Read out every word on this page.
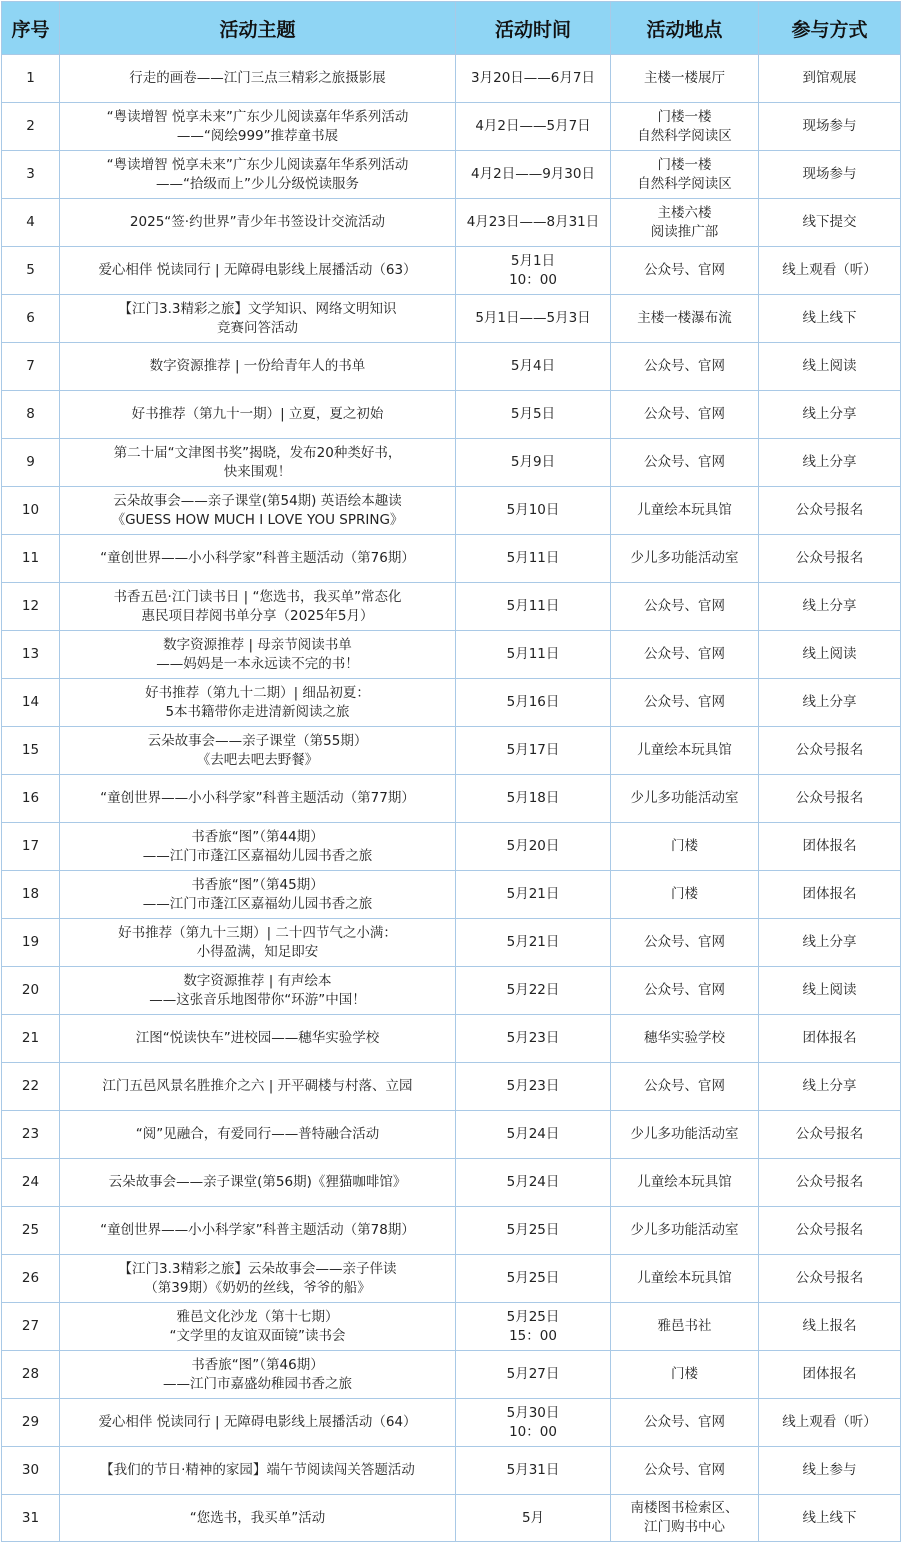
序号	活动主题	活动时间	活动地点	参与方式
1	行走的画卷——江门三点三精彩之旅摄影展	3月20日——6月7日	主楼一楼展厅	到馆观展
2	“粤读增智 悦享未来”广东少儿阅读嘉年华系列活动
——“阅绘999”推荐童书展	4月2日——5月7日	门楼一楼
自然科学阅读区	现场参与
3	“粤读增智 悦享未来”广东少儿阅读嘉年华系列活动
——“拾级而上”少儿分级悦读服务	4月2日——9月30日	门楼一楼
自然科学阅读区	现场参与
4	2025“签·约世界”青少年书签设计交流活动	4月23日——8月31日	主楼六楼
阅读推广部	线下提交
5	爱心相伴 悦读同行 | 无障碍电影线上展播活动（63）	5月1日
10：00	公众号、官网	线上观看（听）
6	【江门3.3精彩之旅】文学知识、网络文明知识
竞赛问答活动	5月1日——5月3日	主楼一楼瀑布流	线上线下
7	数字资源推荐 | 一份给青年人的书单	5月4日	公众号、官网	线上阅读
8	好书推荐（第九十一期）| 立夏，夏之初始	5月5日	公众号、官网	线上分享
9	第二十届“文津图书奖”揭晓，发布20种类好书，
快来围观！	5月9日	公众号、官网	线上分享
10	云朵故事会——亲子课堂(第54期) 英语绘本趣读
《GUESS HOW MUCH I LOVE YOU SPRING》	5月10日	儿童绘本玩具馆	公众号报名
11	“童创世界——小小科学家”科普主题活动（第76期）	5月11日	少儿多功能活动室	公众号报名
12	书香五邑·江门读书日 | “您选书，我买单”常态化
惠民项目荐阅书单分享（2025年5月）	5月11日	公众号、官网	线上分享
13	数字资源推荐 | 母亲节阅读书单
——妈妈是一本永远读不完的书！	5月11日	公众号、官网	线上阅读
14	好书推荐（第九十二期）| 细品初夏：
5本书籍带你走进清新阅读之旅	5月16日	公众号、官网	线上分享
15	云朵故事会——亲子课堂（第55期）
《去吧去吧去野餐》	5月17日	儿童绘本玩具馆	公众号报名
16	“童创世界——小小科学家”科普主题活动（第77期）	5月18日	少儿多功能活动室	公众号报名
17	书香旅“图”（第44期）
——江门市蓬江区嘉福幼儿园书香之旅	5月20日	门楼	团体报名
18	书香旅“图”（第45期）
——江门市蓬江区嘉福幼儿园书香之旅	5月21日	门楼	团体报名
19	好书推荐（第九十三期）| 二十四节气之小满：
小得盈满，知足即安	5月21日	公众号、官网	线上分享
20	数字资源推荐 | 有声绘本
——这张音乐地图带你“环游”中国！	5月22日	公众号、官网	线上阅读
21	江图“悦读快车”进校园——穗华实验学校	5月23日	穗华实验学校	团体报名
22	江门五邑风景名胜推介之六 | 开平碉楼与村落、立园	5月23日	公众号、官网	线上分享
23	“阅”见融合，有爱同行——普特融合活动	5月24日	少儿多功能活动室	公众号报名
24	云朵故事会——亲子课堂(第56期)《狸猫咖啡馆》	5月24日	儿童绘本玩具馆	公众号报名
25	“童创世界——小小科学家”科普主题活动（第78期）	5月25日	少儿多功能活动室	公众号报名
26	【江门3.3精彩之旅】云朵故事会——亲子伴读
（第39期）《奶奶的丝线，爷爷的船》	5月25日	儿童绘本玩具馆	公众号报名
27	雅邑文化沙龙（第十七期）
“文学里的友谊双面镜”读书会	5月25日
15：00	雅邑书社	线上报名
28	书香旅“图”（第46期）
——江门市嘉盛幼稚园书香之旅	5月27日	门楼	团体报名
29	爱心相伴 悦读同行 | 无障碍电影线上展播活动（64）	5月30日
10：00	公众号、官网	线上观看（听）
30	【我们的节日·精神的家园】端午节阅读闯关答题活动	5月31日	公众号、官网	线上参与
31	“您选书，我买单”活动	5月	南楼图书检索区、
江门购书中心	线上线下
